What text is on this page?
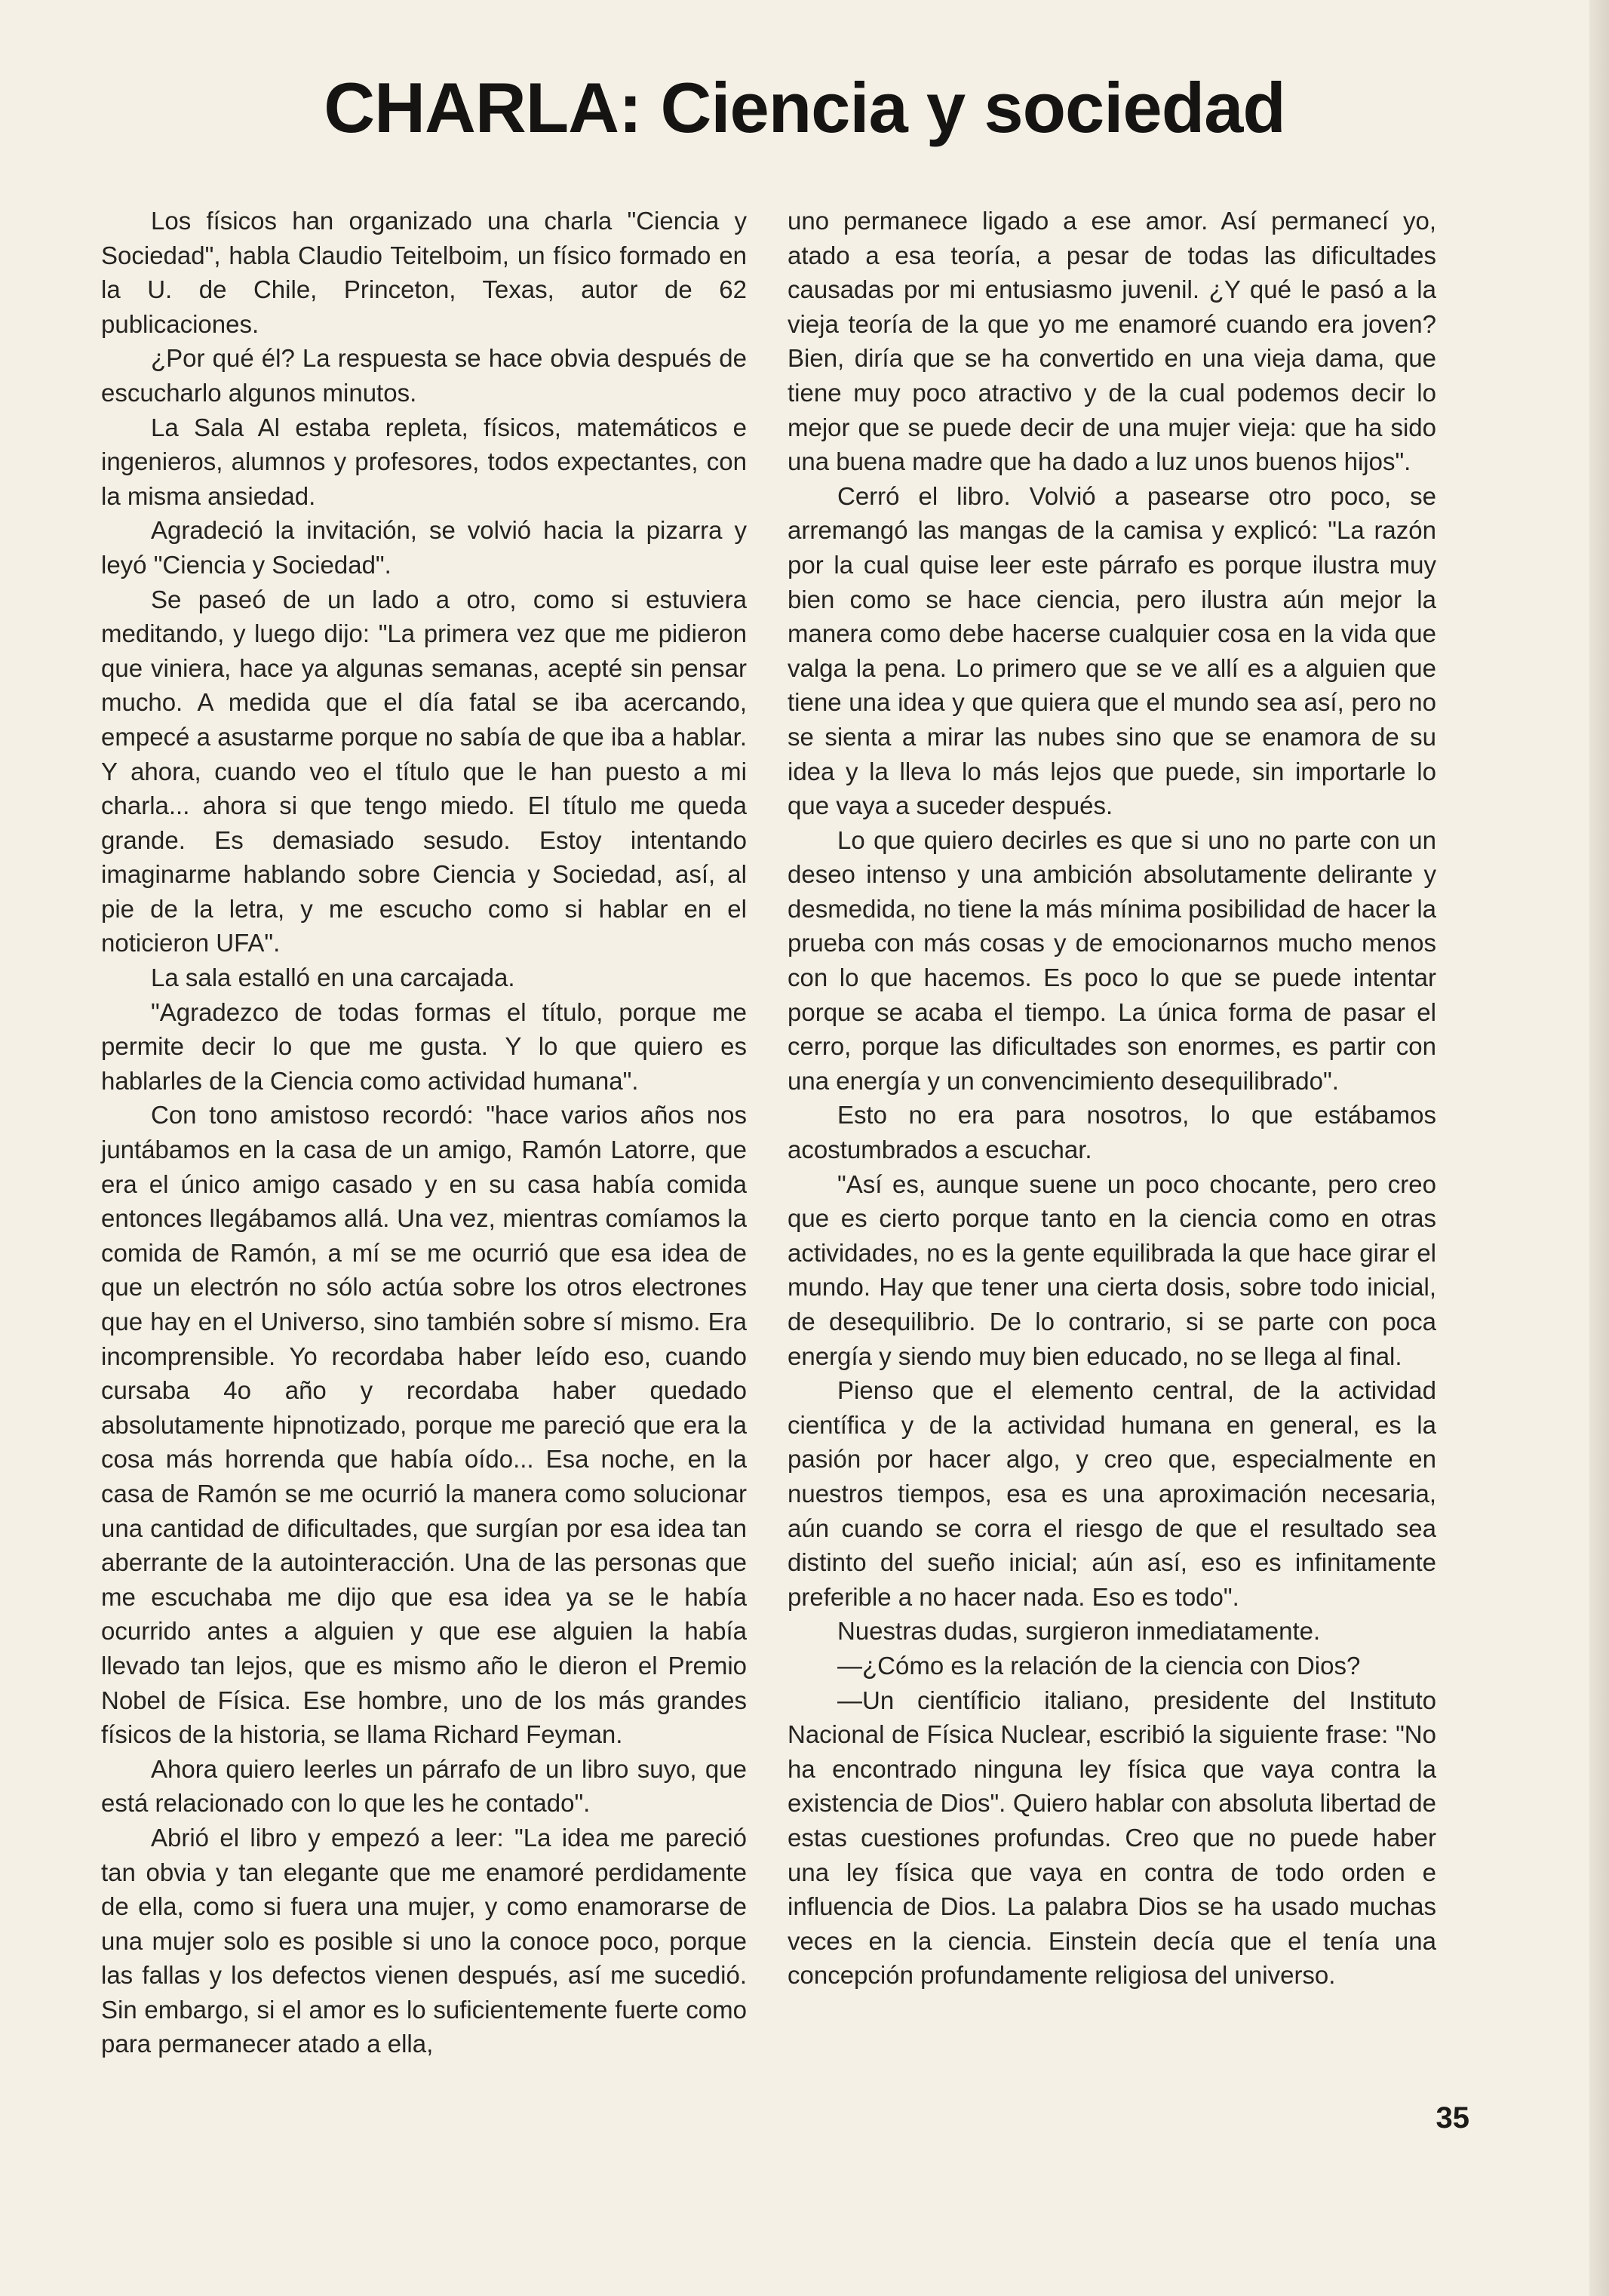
CHARLA: Ciencia y sociedad

Los físicos han organizado una charla "Ciencia y Sociedad", habla Claudio Teitelboim, un físico formado en la U. de Chile, Princeton, Texas, autor de 62 publicaciones.

¿Por qué él? La respuesta se hace obvia después de escucharlo algunos minutos.

La Sala Al estaba repleta, físicos, matemáticos e ingenieros, alumnos y profesores, todos expectantes, con la misma ansiedad.

Agradeció la invitación, se volvió hacia la pizarra y leyó "Ciencia y Sociedad".

Se paseó de un lado a otro, como si estuviera meditando, y luego dijo: "La primera vez que me pidieron que viniera, hace ya algunas semanas, acepté sin pensar mucho. A medida que el día fatal se iba acercando, empecé a asustarme porque no sabía de que iba a hablar. Y ahora, cuando veo el título que le han puesto a mi charla... ahora si que tengo miedo. El título me queda grande. Es demasiado sesudo. Estoy intentando imaginarme hablando sobre Ciencia y Sociedad, así, al pie de la letra, y me escucho como si hablar en el noticieron UFA".

La sala estalló en una carcajada.

"Agradezco de todas formas el título, porque me permite decir lo que me gusta. Y lo que quiero es hablarles de la Ciencia como actividad humana".

Con tono amistoso recordó: "hace varios años nos juntábamos en la casa de un amigo, Ramón Latorre, que era el único amigo casado y en su casa había comida entonces llegábamos allá. Una vez, mientras comíamos la comida de Ramón, a mí se me ocurrió que esa idea de que un electrón no sólo actúa sobre los otros electrones que hay en el Universo, sino también sobre sí mismo. Era incomprensible. Yo recordaba haber leído eso, cuando cursaba 4o año y recordaba haber quedado absolutamente hipnotizado, porque me pareció que era la cosa más horrenda que había oído... Esa noche, en la casa de Ramón se me ocurrió la manera como solucionar una cantidad de dificultades, que surgían por esa idea tan aberrante de la autointeracción. Una de las personas que me escuchaba me dijo que esa idea ya se le había ocurrido antes a alguien y que ese alguien la había llevado tan lejos, que es mismo año le dieron el Premio Nobel de Física. Ese hombre, uno de los más grandes físicos de la historia, se llama Richard Feyman.

Ahora quiero leerles un párrafo de un libro suyo, que está relacionado con lo que les he contado".

Abrió el libro y empezó a leer: "La idea me pareció tan obvia y tan elegante que me enamoré perdidamente de ella, como si fuera una mujer, y como enamorarse de una mujer solo es posible si uno la conoce poco, porque las fallas y los defectos vienen después, así me sucedió. Sin embargo, si el amor es lo suficientemente fuerte como para permanecer atado a ella,

uno permanece ligado a ese amor. Así permanecí yo, atado a esa teoría, a pesar de todas las dificultades causadas por mi entusiasmo juvenil. ¿Y qué le pasó a la vieja teoría de la que yo me enamoré cuando era joven? Bien, diría que se ha convertido en una vieja dama, que tiene muy poco atractivo y de la cual podemos decir lo mejor que se puede decir de una mujer vieja: que ha sido una buena madre que ha dado a luz unos buenos hijos".

Cerró el libro. Volvió a pasearse otro poco, se arremangó las mangas de la camisa y explicó: "La razón por la cual quise leer este párrafo es porque ilustra muy bien como se hace ciencia, pero ilustra aún mejor la manera como debe hacerse cualquier cosa en la vida que valga la pena. Lo primero que se ve allí es a alguien que tiene una idea y que quiera que el mundo sea así, pero no se sienta a mirar las nubes sino que se enamora de su idea y la lleva lo más lejos que puede, sin importarle lo que vaya a suceder después.

Lo que quiero decirles es que si uno no parte con un deseo intenso y una ambición absolutamente delirante y desmedida, no tiene la más mínima posibilidad de hacer la prueba con más cosas y de emocionarnos mucho menos con lo que hacemos. Es poco lo que se puede intentar porque se acaba el tiempo. La única forma de pasar el cerro, porque las dificultades son enormes, es partir con una energía y un convencimiento desequilibrado".

Esto no era para nosotros, lo que estábamos acostumbrados a escuchar.

"Así es, aunque suene un poco chocante, pero creo que es cierto porque tanto en la ciencia como en otras actividades, no es la gente equilibrada la que hace girar el mundo. Hay que tener una cierta dosis, sobre todo inicial, de desequilibrio. De lo contrario, si se parte con poca energía y siendo muy bien educado, no se llega al final.

Pienso que el elemento central, de la actividad científica y de la actividad humana en general, es la pasión por hacer algo, y creo que, especialmente en nuestros tiempos, esa es una aproximación necesaria, aún cuando se corra el riesgo de que el resultado sea distinto del sueño inicial; aún así, eso es infinitamente preferible a no hacer nada. Eso es todo".

Nuestras dudas, surgieron inmediatamente.

—¿Cómo es la relación de la ciencia con Dios?

—Un científicio italiano, presidente del Instituto Nacional de Física Nuclear, escribió la siguiente frase: "No ha encontrado ninguna ley física que vaya contra la existencia de Dios". Quiero hablar con absoluta libertad de estas cuestiones profundas. Creo que no puede haber una ley física que vaya en contra de todo orden e influencia de Dios. La palabra Dios se ha usado muchas veces en la ciencia. Einstein decía que el tenía una concepción profundamente religiosa del universo.

35
